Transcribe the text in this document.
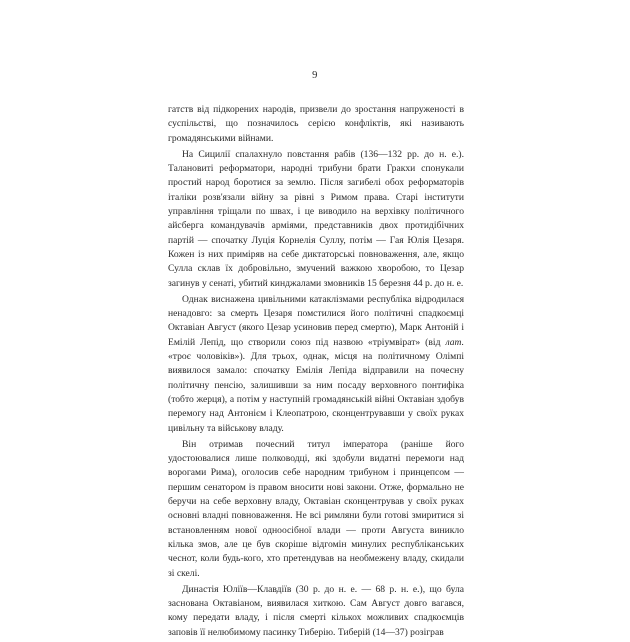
9

гатств від підкорених народів, призвели до зростання напруженості в суспільстві, що позначилось серією конфліктів, які називають громадянськими війнами.

На Сицилії спалахнуло повстання рабів (136—132 рр. до н. е.). Талановиті реформатори, народні трибуни брати Гракхи спонукали простий народ боротися за землю. Після загибелі обох реформаторів італіки розв'язали війну за рівні з Римом права. Старі інститути управління тріщали по швах, і це виводило на верхівку політичного айсберга командувачів арміями, представників двох протидібічних партій — спочатку Луція Корнелія Суллу, потім — Гая Юлія Цезаря. Кожен із них приміряв на себе диктаторські повноваження, але, якщо Сулла склав їх добровільно, змучений важкою хворобою, то Цезар загинув у сенаті, убитий кинджалами змовників 15 березня 44 р. до н. е.

Однак виснажена цивільними катаклізмами республіка відродилася ненадовго: за смерть Цезаря помстилися його політичні спадкоємці Октавіан Август (якого Цезар усиновив перед смертю), Марк Антоній і Емілій Лепід, що створили союз під назвою «тріумвірат» (від лат. «троє чоловіків»). Для трьох, однак, місця на політичному Олімпі виявилося замало: спочатку Емілія Лепіда відправили на почесну політичну пенсію, залишивши за ним посаду верховного понтифіка (тобто жерця), а потім у наступній громадянській війні Октавіан здобув перемогу над Антонієм і Клеопатрою, сконцентрувавши у своїх руках цивільну та військову владу.

Він отримав почесний титул імператора (раніше його удостоювалися лише полководці, які здобули видатні перемоги над ворогами Рима), оголосив себе народним трибуном і принцепсом — першим сенатором із правом вносити нові закони. Отже, формально не беручи на себе верховну владу, Октавіан сконцентрував у своїх руках основні владні повноваження. Не всі римляни були готові змиритися зі встановленням нової одноосібної влади — проти Августа виникло кілька змов, але це був скоріше відгомін минулих республіканських чеснот, коли будь-кого, хто претендував на необмежену владу, скидали зі скелі.

Династія Юліїв—Клавдіїв (30 р. до н. е. — 68 р. н. е.), що була заснована Октавіаном, виявилася хиткою. Сам Август довго вагався, кому передати владу, і після смерті кількох можливих спадкоємців заповів її нелюбимому пасинку Тиберію. Тиберій (14—37) розіграв
